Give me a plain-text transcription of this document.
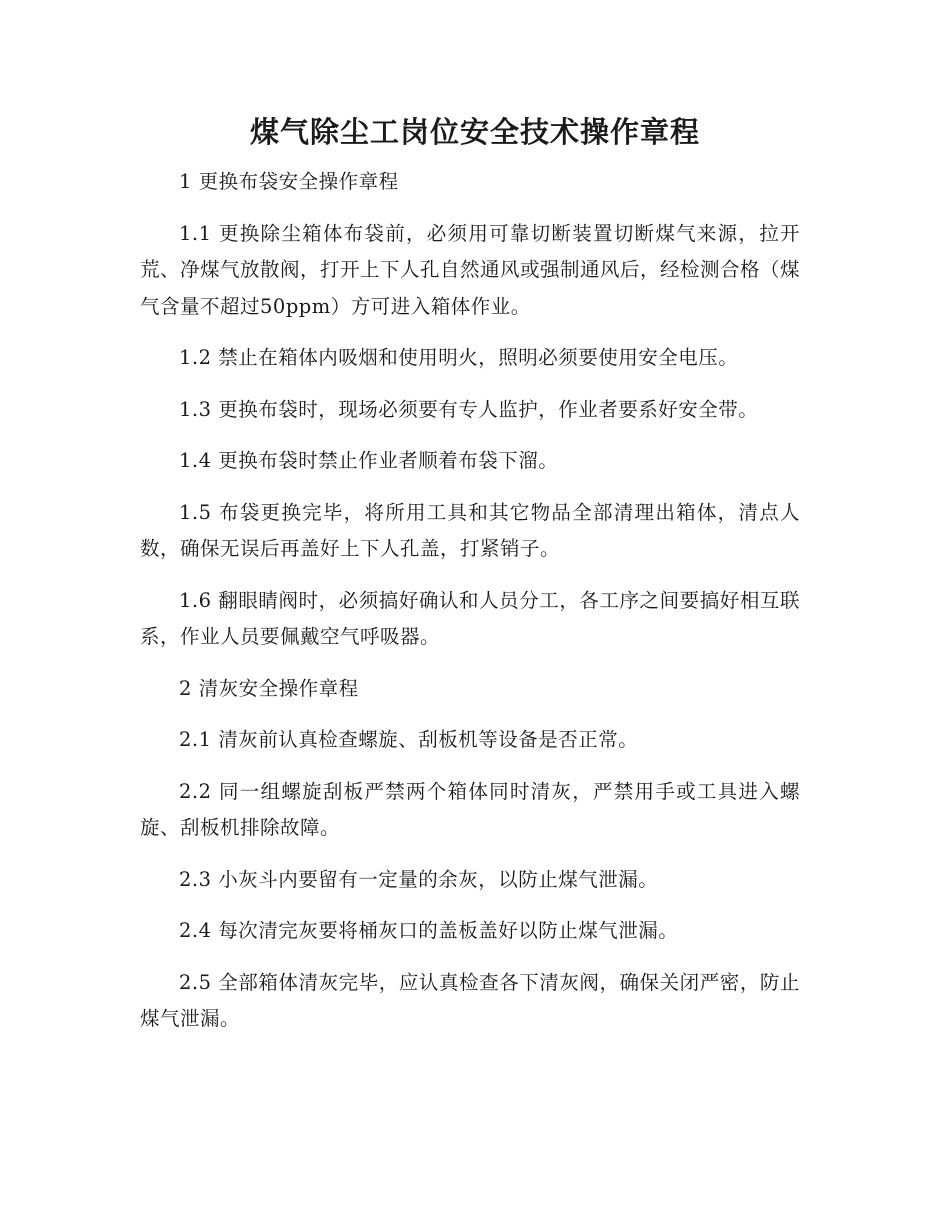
煤气除尘工岗位安全技术操作章程

1 更换布袋安全操作章程

1.1 更换除尘箱体布袋前，必须用可靠切断装置切断煤气来源，拉开荒、净煤气放散阀，打开上下人孔自然通风或强制通风后，经检测合格（煤气含量不超过50ppm）方可进入箱体作业。

1.2 禁止在箱体内吸烟和使用明火，照明必须要使用安全电压。

1.3 更换布袋时，现场必须要有专人监护，作业者要系好安全带。

1.4 更换布袋时禁止作业者顺着布袋下溜。

1.5 布袋更换完毕，将所用工具和其它物品全部清理出箱体，清点人数，确保无误后再盖好上下人孔盖，打紧销子。

1.6 翻眼睛阀时，必须搞好确认和人员分工，各工序之间要搞好相互联系，作业人员要佩戴空气呼吸器。

2 清灰安全操作章程

2.1 清灰前认真检查螺旋、刮板机等设备是否正常。

2.2 同一组螺旋刮板严禁两个箱体同时清灰，严禁用手或工具进入螺旋、刮板机排除故障。

2.3 小灰斗内要留有一定量的余灰，以防止煤气泄漏。

2.4 每次清完灰要将桶灰口的盖板盖好以防止煤气泄漏。

2.5 全部箱体清灰完毕，应认真检查各下清灰阀，确保关闭严密，防止煤气泄漏。
